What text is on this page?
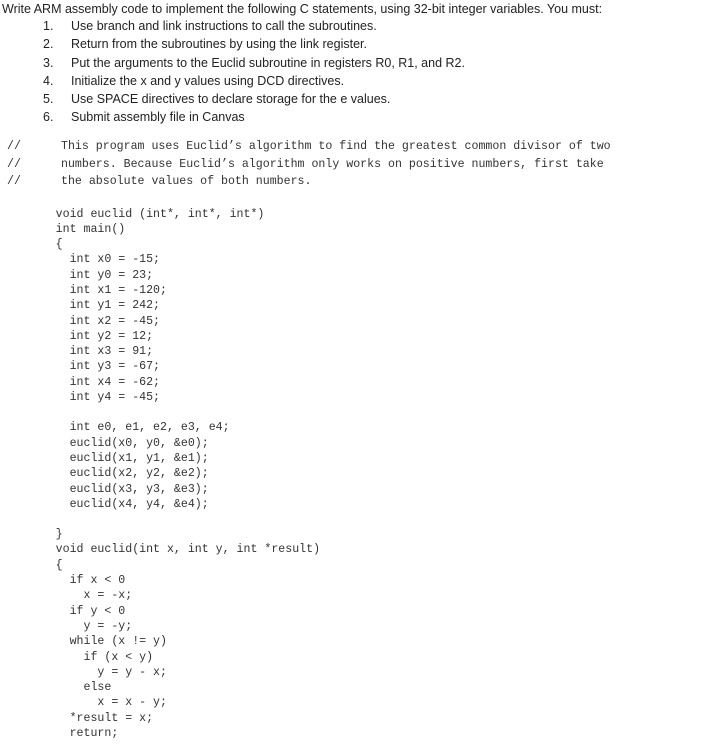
Write ARM assembly code to implement the following C statements, using 32-bit integer variables. You must:
1. Use branch and link instructions to call the subroutines.
2. Return from the subroutines by using the link register.
3. Put the arguments to the Euclid subroutine in registers R0, R1, and R2.
4. Initialize the x and y values using DCD directives.
5. Use SPACE directives to declare storage for the e values.
6. Submit assembly file in Canvas
//	This program uses Euclid’s algorithm to find the greatest common divisor of two
//	numbers. Because Euclid’s algorithm only works on positive numbers, first take
//	the absolute values of both numbers.
void euclid (int*, int*, int*)
int main()
{
int x0 = -15;
int y0 = 23;
int x1 = -120;
int y1 = 242;
int x2 = -45;
int y2 = 12;
int x3 = 91;
int y3 = -67;
int x4 = -62;
int y4 = -45;
int e0, e1, e2, e3, e4;
euclid(x0, y0, &e0);
euclid(x1, y1, &e1);
euclid(x2, y2, &e2);
euclid(x3, y3, &e3);
euclid(x4, y4, &e4);
}
void euclid(int x, int y, int *result)
{
if x < 0
x = -x;
if y < 0
y = -y;
while (x != y)
if (x < y)
y = y - x;
else
x = x - y;
*result = x;
return;
